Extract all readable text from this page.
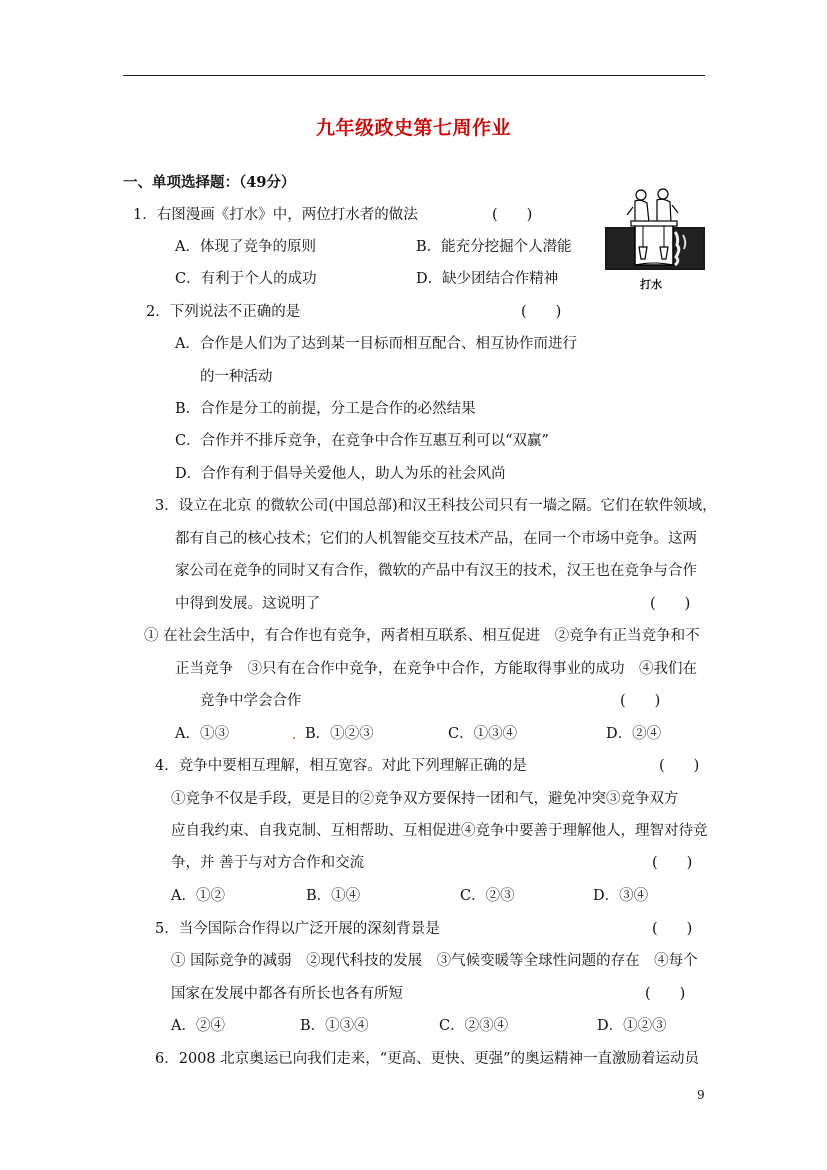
九年级政史第七周作业
一、单项选择题：（49分）
1．右图漫画《打水》中，两位打水者的做法	(　　)
A．体现了竞争的原则	B．能充分挖掘个人潜能
C．有利于个人的成功	D．缺少团结合作精神	打水
2．下列说法不正确的是	(　　)
A．合作是人们为了达到某一目标而相互配合、相互协作而进行
的一种活动
B．合作是分工的前提，分工是合作的必然结果
C．合作并不排斥竞争，在竞争中合作互惠互利可以“双赢”
D．合作有利于倡导关爱他人，助人为乐的社会风尚
3．设立在北京 的微软公司(中国总部)和汉王科技公司只有一墙之隔。它们在软件领域，
都有自己的核心技术；它们的人机智能交互技术产品，在同一个市场中竞争。这两
家公司在竞争的同时又有合作，微软的产品中有汉王的技术，汉王也在竞争与合作
中得到发展。这说明了	(　　)
① 在社会生活中，有合作也有竞争，两者相互联系、相互促进　②竞争有正当竞争和不
正当竞争　③只有在合作中竞争，在竞争中合作，方能取得事业的成功　④我们在
竞争中学会合作	(　　)
A．①③	B．①②③	C．①③④	D．②④
4．竞争中要相互理解，相互宽容。对此下列理解正确的是	(　　)
①竞争不仅是手段，更是目的②竞争双方要保持一团和气，避免冲突③竞争双方
应自我约束、自我克制、互相帮助、互相促进④竞争中要善于理解他人，理智对待竞
争，并 善于与对方合作和交流	(　　)
A．①②	B．①④	C．②③	D．③④
5．当今国际合作得以广泛开展的深刻背景是	(　　)
① 国际竞争的减弱　②现代科技的发展　③气候变暖等全球性问题的存在　④每个
国家在发展中都各有所长也各有所短	(　　)
A．②④	B．①③④	C．②③④	D．①②③
6．2008 北京奥运已向我们走来，“更高、更快、更强”的奥运精神一直激励着运动员
9
